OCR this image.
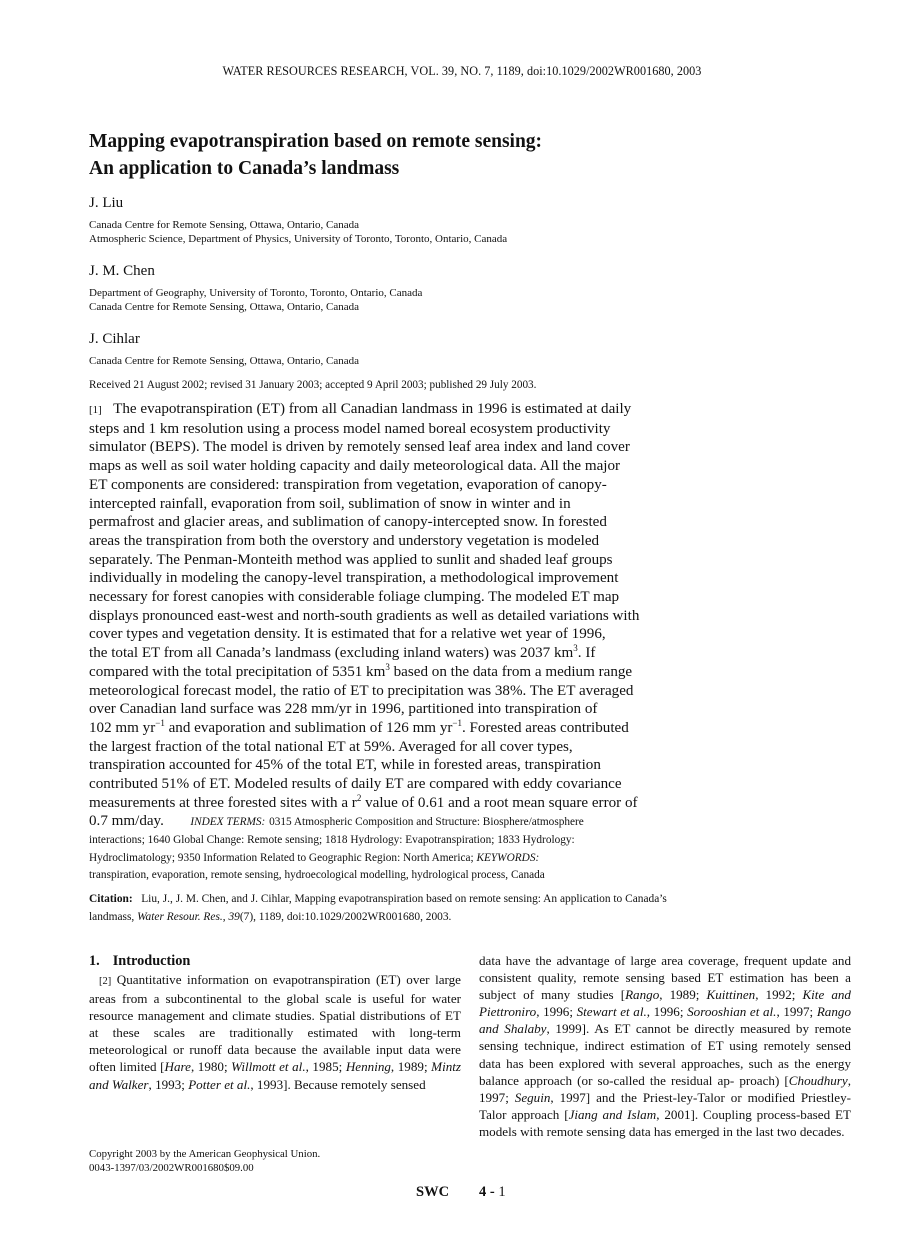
WATER RESOURCES RESEARCH, VOL. 39, NO. 7, 1189, doi:10.1029/2002WR001680, 2003
Mapping evapotranspiration based on remote sensing:
An application to Canada’s landmass
J. Liu
Canada Centre for Remote Sensing, Ottawa, Ontario, Canada
Atmospheric Science, Department of Physics, University of Toronto, Toronto, Ontario, Canada
J. M. Chen
Department of Geography, University of Toronto, Toronto, Ontario, Canada
Canada Centre for Remote Sensing, Ottawa, Ontario, Canada
J. Cihlar
Canada Centre for Remote Sensing, Ottawa, Ontario, Canada
Received 21 August 2002; revised 31 January 2003; accepted 9 April 2003; published 29 July 2003.
[1] The evapotranspiration (ET) from all Canadian landmass in 1996 is estimated at daily
steps and 1 km resolution using a process model named boreal ecosystem productivity
simulator (BEPS). The model is driven by remotely sensed leaf area index and land cover
maps as well as soil water holding capacity and daily meteorological data. All the major
ET components are considered: transpiration from vegetation, evaporation of canopy-
intercepted rainfall, evaporation from soil, sublimation of snow in winter and in
permafrost and glacier areas, and sublimation of canopy-intercepted snow. In forested
areas the transpiration from both the overstory and understory vegetation is modeled
separately. The Penman-Monteith method was applied to sunlit and shaded leaf groups
individually in modeling the canopy-level transpiration, a methodological improvement
necessary for forest canopies with considerable foliage clumping. The modeled ET map
displays pronounced east-west and north-south gradients as well as detailed variations with
cover types and vegetation density. It is estimated that for a relative wet year of 1996,
the total ET from all Canada’s landmass (excluding inland waters) was 2037 $km^3$. If
compared with the total precipitation of 5351 $km^3$ based on the data from a medium range
meteorological forecast model, the ratio of ET to precipitation was 38%. The ET averaged
over Canadian land surface was 228 mm/yr in 1996, partitioned into transpiration of
102 mm $yr^{-1}$ and evaporation and sublimation of 126 mm $yr^{-1}$. Forested areas contributed
the largest fraction of the total national ET at 59%. Averaged for all cover types,
transpiration accounted for 45% of the total ET, while in forested areas, transpiration
contributed 51% of ET. Modeled results of daily ET are compared with eddy covariance
measurements at three forested sites with a $r^2$ value of 0.61 and a root mean square error of
0.7 mm/day. INDEX TERMS: 0315 Atmospheric Composition and Structure: Biosphere/atmosphere
interactions; 1640 Global Change: Remote sensing; 1818 Hydrology: Evapotranspiration; 1833 Hydrology:
Hydroclimatology; 9350 Information Related to Geographic Region: North America; KEYWORDS:
transpiration, evaporation, remote sensing, hydroecological modelling, hydrological process, Canada
Citation: Liu, J., J. M. Chen, and J. Cihlar, Mapping evapotranspiration based on remote sensing: An application to Canada’s
landmass, Water Resour. Res., 39(7), 1189, doi:10.1029/2002WR001680, 2003.
1. Introduction

[2] Quantitative information on evapotranspiration (ET) over large areas from a subcontinental to the global scale is useful for water resource management and climate studies. Spatial distributions of ET at these scales are traditionally estimated with long-term meteorological or runoff data because the available input data were often limited [Hare, 1980; Willmott et al., 1985; Henning, 1989; Mintz and Walker, 1993; Potter et al., 1993]. Because remotely sensed

data have the advantage of large area coverage, frequent update and consistent quality, remote sensing based ET estimation has been a subject of many studies [Rango, 1989; Kuittinen, 1992; Kite and Piettroniro, 1996; Stewart et al., 1996; Sorooshian et al., 1997; Rango and Shalaby, 1999]. As ET cannot be directly measured by remote sensing technique, indirect estimation of ET using remotely sensed data has been explored with several approaches, such as the energy balance approach (or so-called the residual ap- proach) [Choudhury, 1997; Seguin, 1997] and the Priest-ley-Talor or modified Priestley-Talor approach [Jiang and Islam, 2001]. Coupling process-based ET models with remote sensing data has emerged in the last two decades.

Copyright 2003 by the American Geophysical Union.
0043-1397/03/2002WR001680$09.00
SWC 4 - 1
